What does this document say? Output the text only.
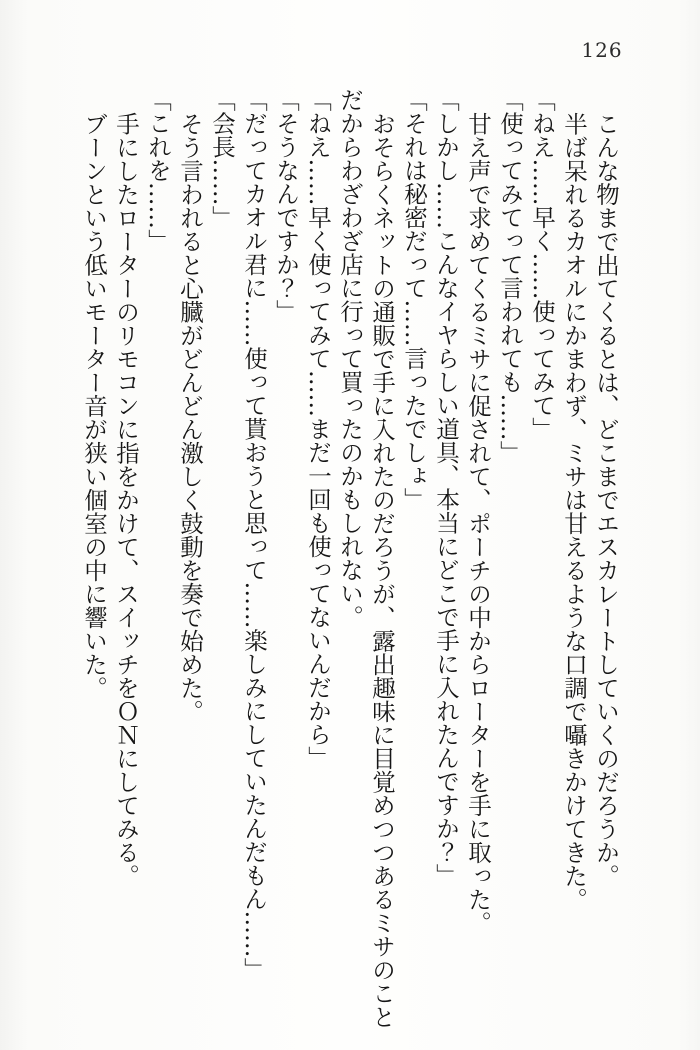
126

こんな物まで出てくるとは、どこまでエスカレートしていくのだろうか。

半ば呆れるカオルにかまわず、ミサは甘えるような口調で囁きかけてきた。

「ねえ……早く……使ってみて」

「使ってみてって言われても……」

甘え声で求めてくるミサに促されて、ポーチの中からローターを手に取った。

「しかし……こんなイヤらしい道具、本当にどこで手に入れたんですか？」

「それは秘密だって……言ったでしょ」

おそらくネットの通販で手に入れたのだろうが、露出趣味に目覚めつつあるミサのことだからわざわざ店に行って買ったのかもしれない。

「ねえ……早く使ってみて……まだ一回も使ってないんだから」

「そうなんですか？」

「だってカオル君に……使って貰おうと思って……楽しみにしていたんだもん……」

「会長……」

そう言われると心臓がどんどん激しく鼓動を奏で始めた。

「これを……」

手にしたローターのリモコンに指をかけて、スイッチをＯＮにしてみる。

ブーンという低いモーター音が狭い個室の中に響いた。
